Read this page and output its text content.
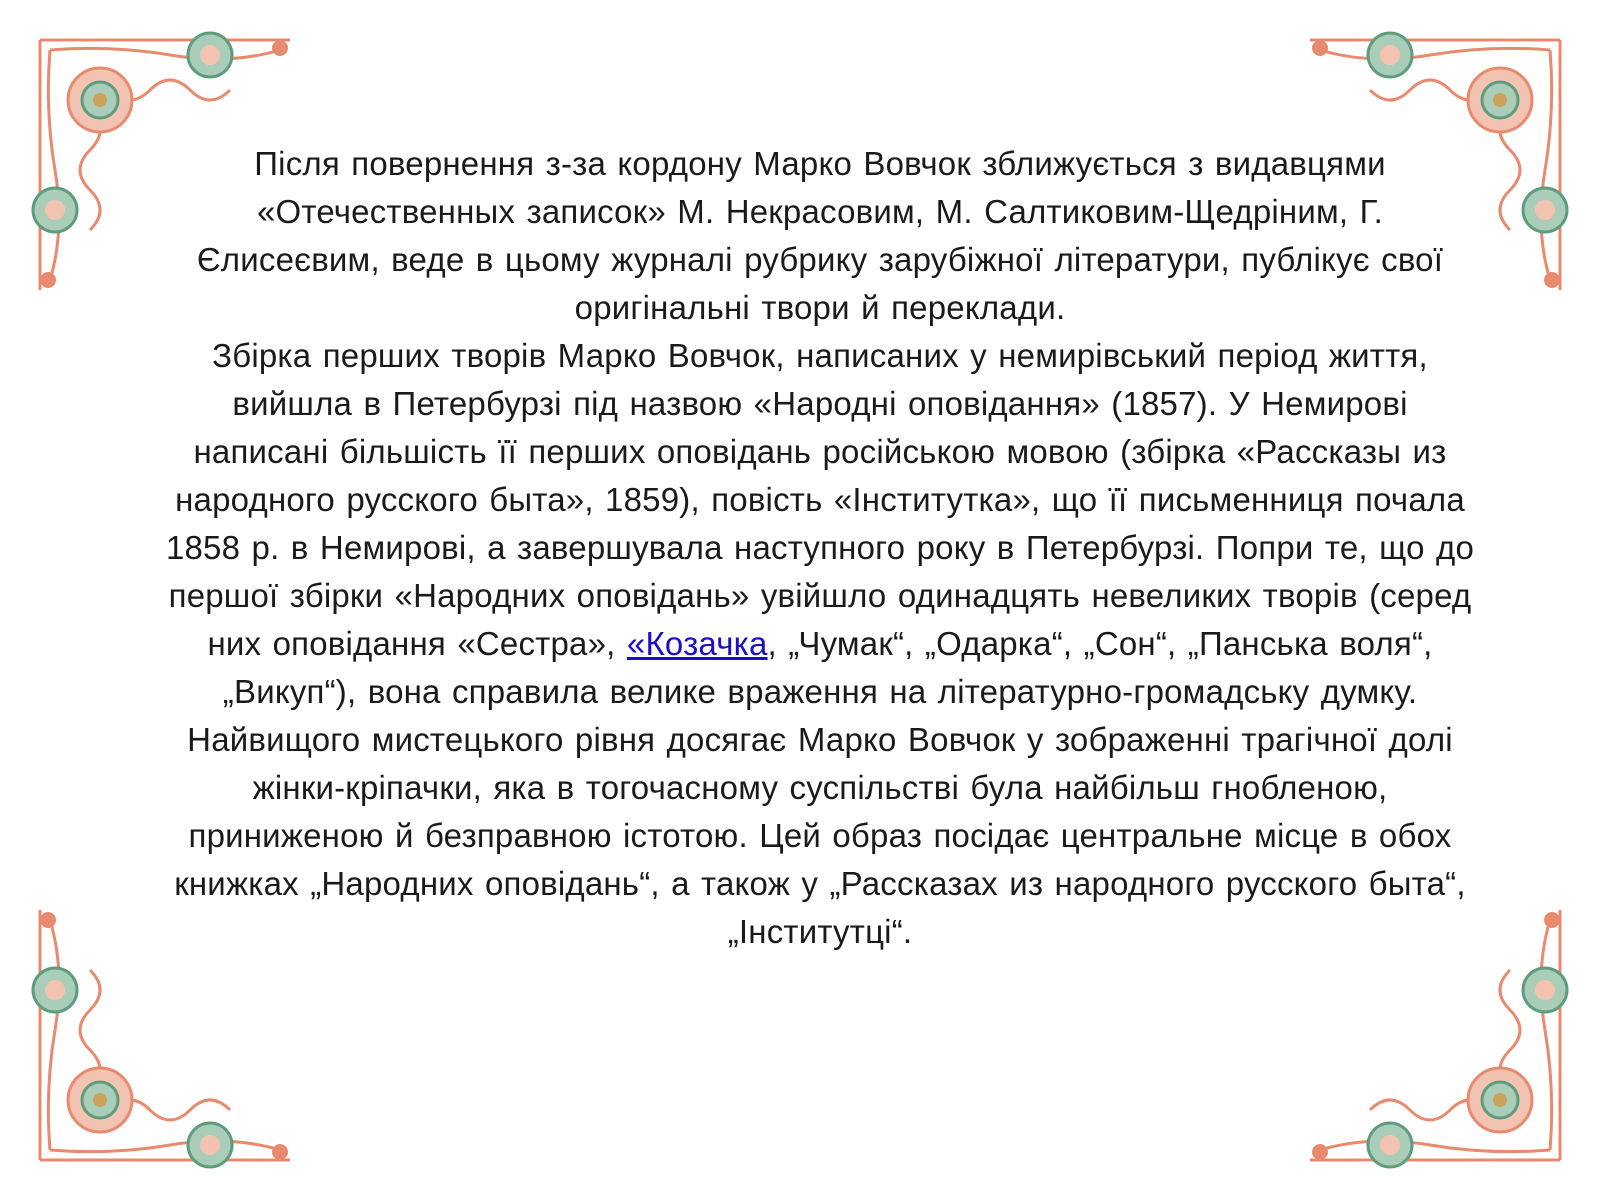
Після повернення з-за кордону Марко Вовчок зближується з видавцями «Отечественных записок» М. Некрасовим, М. Салтиковим-Щедріним, Г. Єлисеєвим, веде в цьому журналі рубрику зарубіжної літератури, публікує свої оригінальні твори й переклади.

Збірка перших творів Марко Вовчок, написаних у немирівський період життя, вийшла в Петербурзі під назвою «Народні оповідання» (1857). У Немирові написані більшість її перших оповідань російською мовою (збірка «Рассказы из народного русского быта», 1859), повість «Інститутка», що її письменниця почала 1858 р. в Немирові, а завершувала наступного року в Петербурзі. Попри те, що до першої збірки «Народних оповідань» увійшло одинадцять невеликих творів (серед них оповідання «Сестра», «Козачка, „Чумак“, „Одарка“, „Сон“, „Панська воля“, „Викуп“), вона справила велике враження на літературно-громадську думку. Найвищого мистецького рівня досягає Марко Вовчок у зображенні трагічної долі жінки-кріпачки, яка в тогочасному суспільстві була найбільш гнобленою, приниженою й безправною істотою. Цей образ посідає центральне місце в обох книжках „Народних оповідань“, а також у „Рассказах из народного русского быта“, „Інститутці“.
